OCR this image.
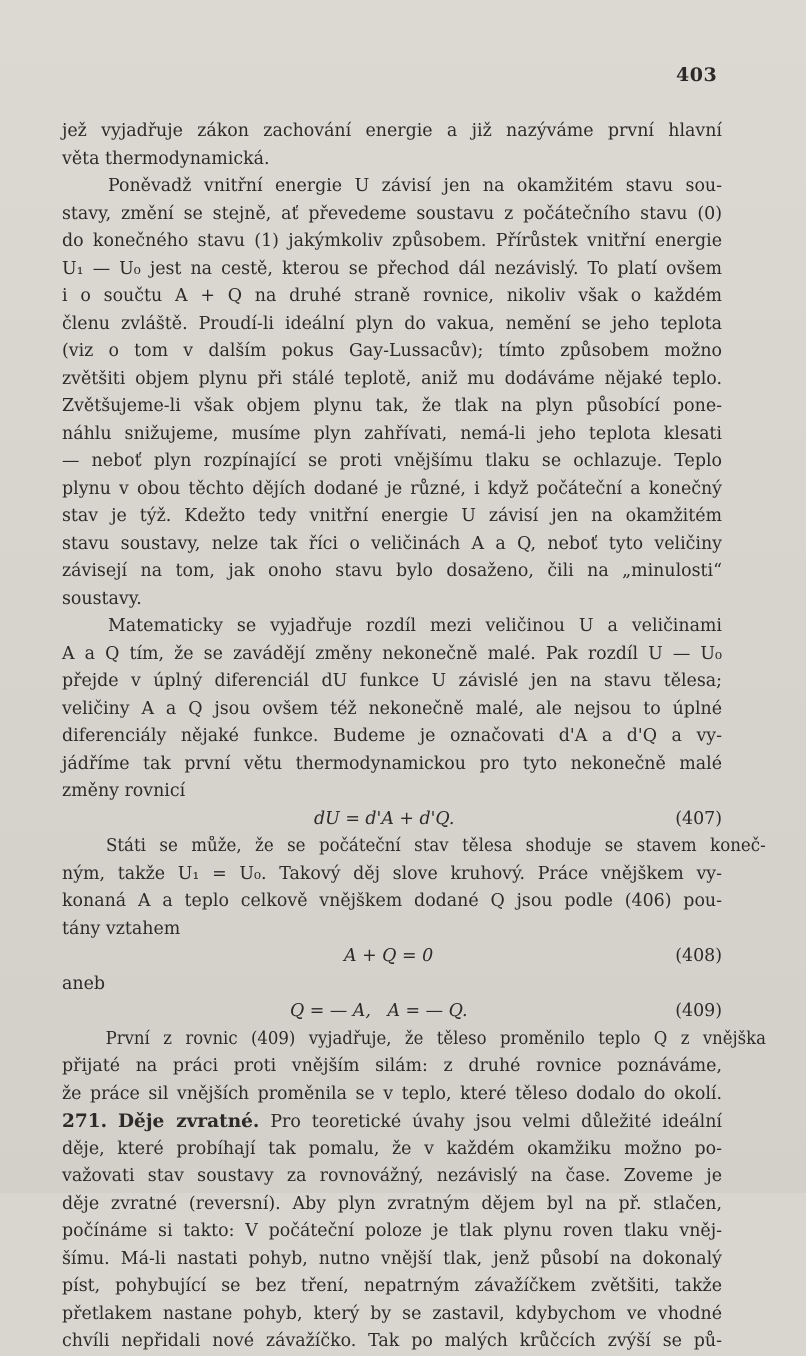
403
jež vyjadřuje zákon zachování energie a již nazýváme první hlavní
věta thermodynamická.
Poněvadž vnitřní energie U závisí jen na okamžitém stavu sou-
stavy, změní se stejně, ať převedeme soustavu z počátečního stavu (0)
do konečného stavu (1) jakýmkoliv způsobem. Přírůstek vnitřní energie
U₁ — U₀ jest na cestě, kterou se přechod dál nezávislý. To platí ovšem
i o součtu A + Q na druhé straně rovnice, nikoliv však o každém
členu zvláště. Proudí-li ideální plyn do vakua, nemění se jeho teplota
(viz o tom v dalším pokus Gay-Lussacův); tímto způsobem možno
zvětšiti objem plynu při stálé teplotě, aniž mu dodáváme nějaké teplo.
Zvětšujeme-li však objem plynu tak, že tlak na plyn působící pone-
náhlu snižujeme, musíme plyn zahřívati, nemá-li jeho teplota klesati
— neboť plyn rozpínající se proti vnějšímu tlaku se ochlazuje. Teplo
plynu v obou těchto dějích dodané je různé, i když počáteční a konečný
stav je týž. Kdežto tedy vnitřní energie U závisí jen na okamžitém
stavu soustavy, nelze tak říci o veličinách A a Q, neboť tyto veličiny
závisejí na tom, jak onoho stavu bylo dosaženo, čili na „minulosti“
soustavy.
Matematicky se vyjadřuje rozdíl mezi veličinou U a veličinami
A a Q tím, že se zavádějí změny nekonečně malé. Pak rozdíl U — U₀
přejde v úplný diferenciál dU funkce U závislé jen na stavu tělesa;
veličiny A a Q jsou ovšem též nekonečně malé, ale nejsou to úplné
diferenciály nějaké funkce. Budeme je označovati d'A a d'Q a vy-
jádříme tak první větu thermodynamickou pro tyto nekonečně malé
změny rovnicí
dU = d'A + d'Q.	(407)
Státi se může, že se počáteční stav tělesa shoduje se stavem koneč-
ným, takže U₁ = U₀. Takový děj slove kruhový. Práce vnějškem vy-
konaná A a teplo celkově vnějškem dodané Q jsou podle (406) pou-
tány vztahem
A + Q = 0	(408)
aneb
Q = — A,   A = — Q.	(409)
První z rovnic (409) vyjadřuje, že těleso proměnilo teplo Q z vnějška
přijaté na práci proti vnějším silám: z druhé rovnice poznáváme,
že práce sil vnějších proměnila se v teplo, které těleso dodalo do okolí.
271. Děje zvratné. Pro teoretické úvahy jsou velmi důležité ideální
děje, které probíhají tak pomalu, že v každém okamžiku možno po-
važovati stav soustavy za rovnovážný, nezávislý na čase. Zoveme je
děje zvratné (reversní). Aby plyn zvratným dějem byl na př. stlačen,
počínáme si takto: V počáteční poloze je tlak plynu roven tlaku vněj-
šímu. Má-li nastati pohyb, nutno vnější tlak, jenž působí na dokonalý
píst, pohybující se bez tření, nepatrným závažíčkem zvětšiti, takže
přetlakem nastane pohyb, který by se zastavil, kdybychom ve vhodné
chvíli nepřidali nové závažíčko. Tak po malých krůčcích zvýší se pů-
